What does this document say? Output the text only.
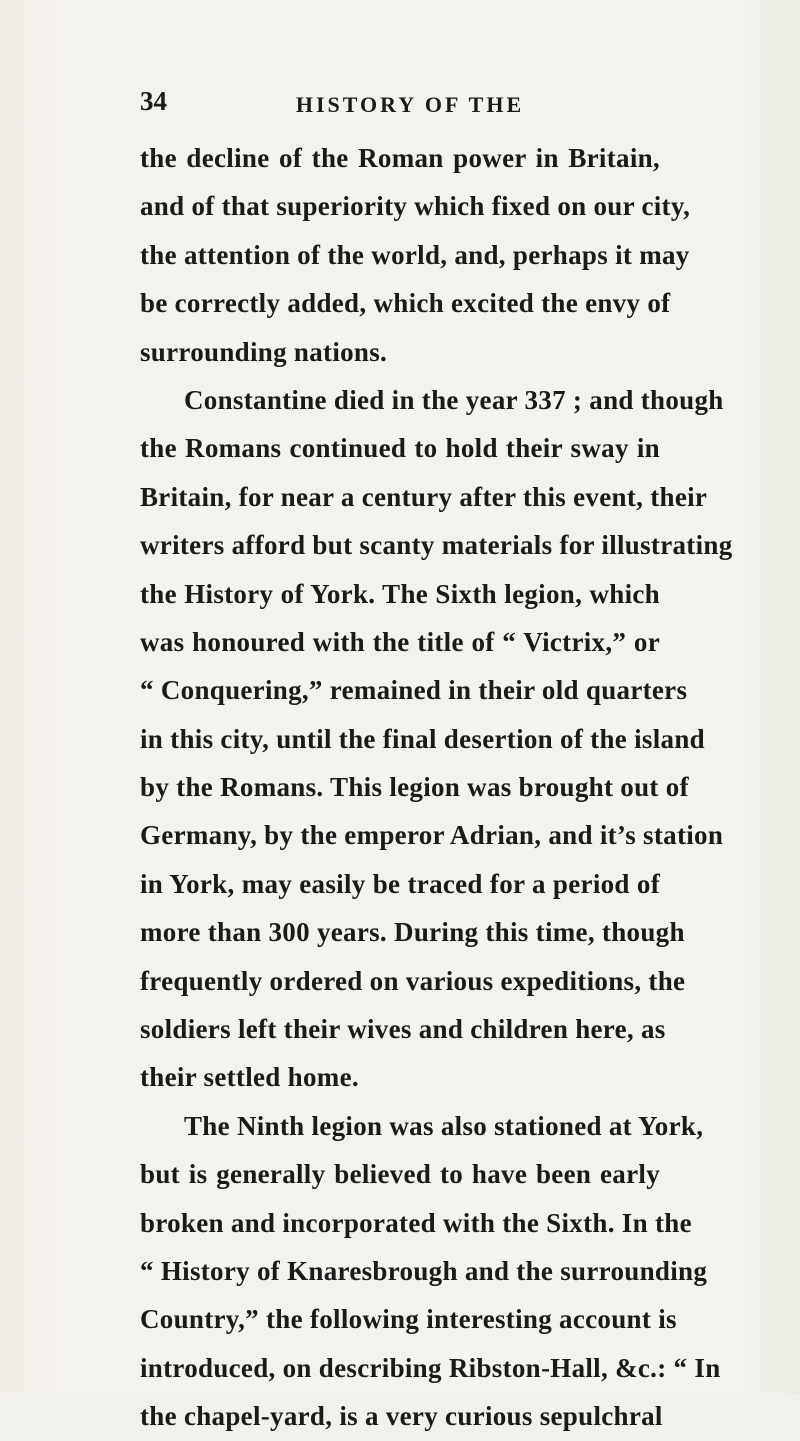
34	HISTORY OF THE
the decline of the Roman power in Britain,
and of that superiority which fixed on our city,
the attention of the world, and, perhaps it may
be correctly added, which excited the envy of
surrounding nations.
Constantine died in the year 337 ; and though
the Romans continued to hold their sway in
Britain, for near a century after this event, their
writers afford but scanty materials for illustrating
the History of York. The Sixth legion, which
was honoured with the title of “ Victrix,” or
“ Conquering,” remained in their old quarters
in this city, until the final desertion of the island
by the Romans. This legion was brought out of
Germany, by the emperor Adrian, and it’s station
in York, may easily be traced for a period of
more than 300 years. During this time, though
frequently ordered on various expeditions, the
soldiers left their wives and children here, as
their settled home.
The Ninth legion was also stationed at York,
but is generally believed to have been early
broken and incorporated with the Sixth. In the
“ History of Knaresbrough and the surrounding
Country,” the following interesting account is
introduced, on describing Ribston-Hall, &c.: “ In
the chapel-yard, is a very curious sepulchral
